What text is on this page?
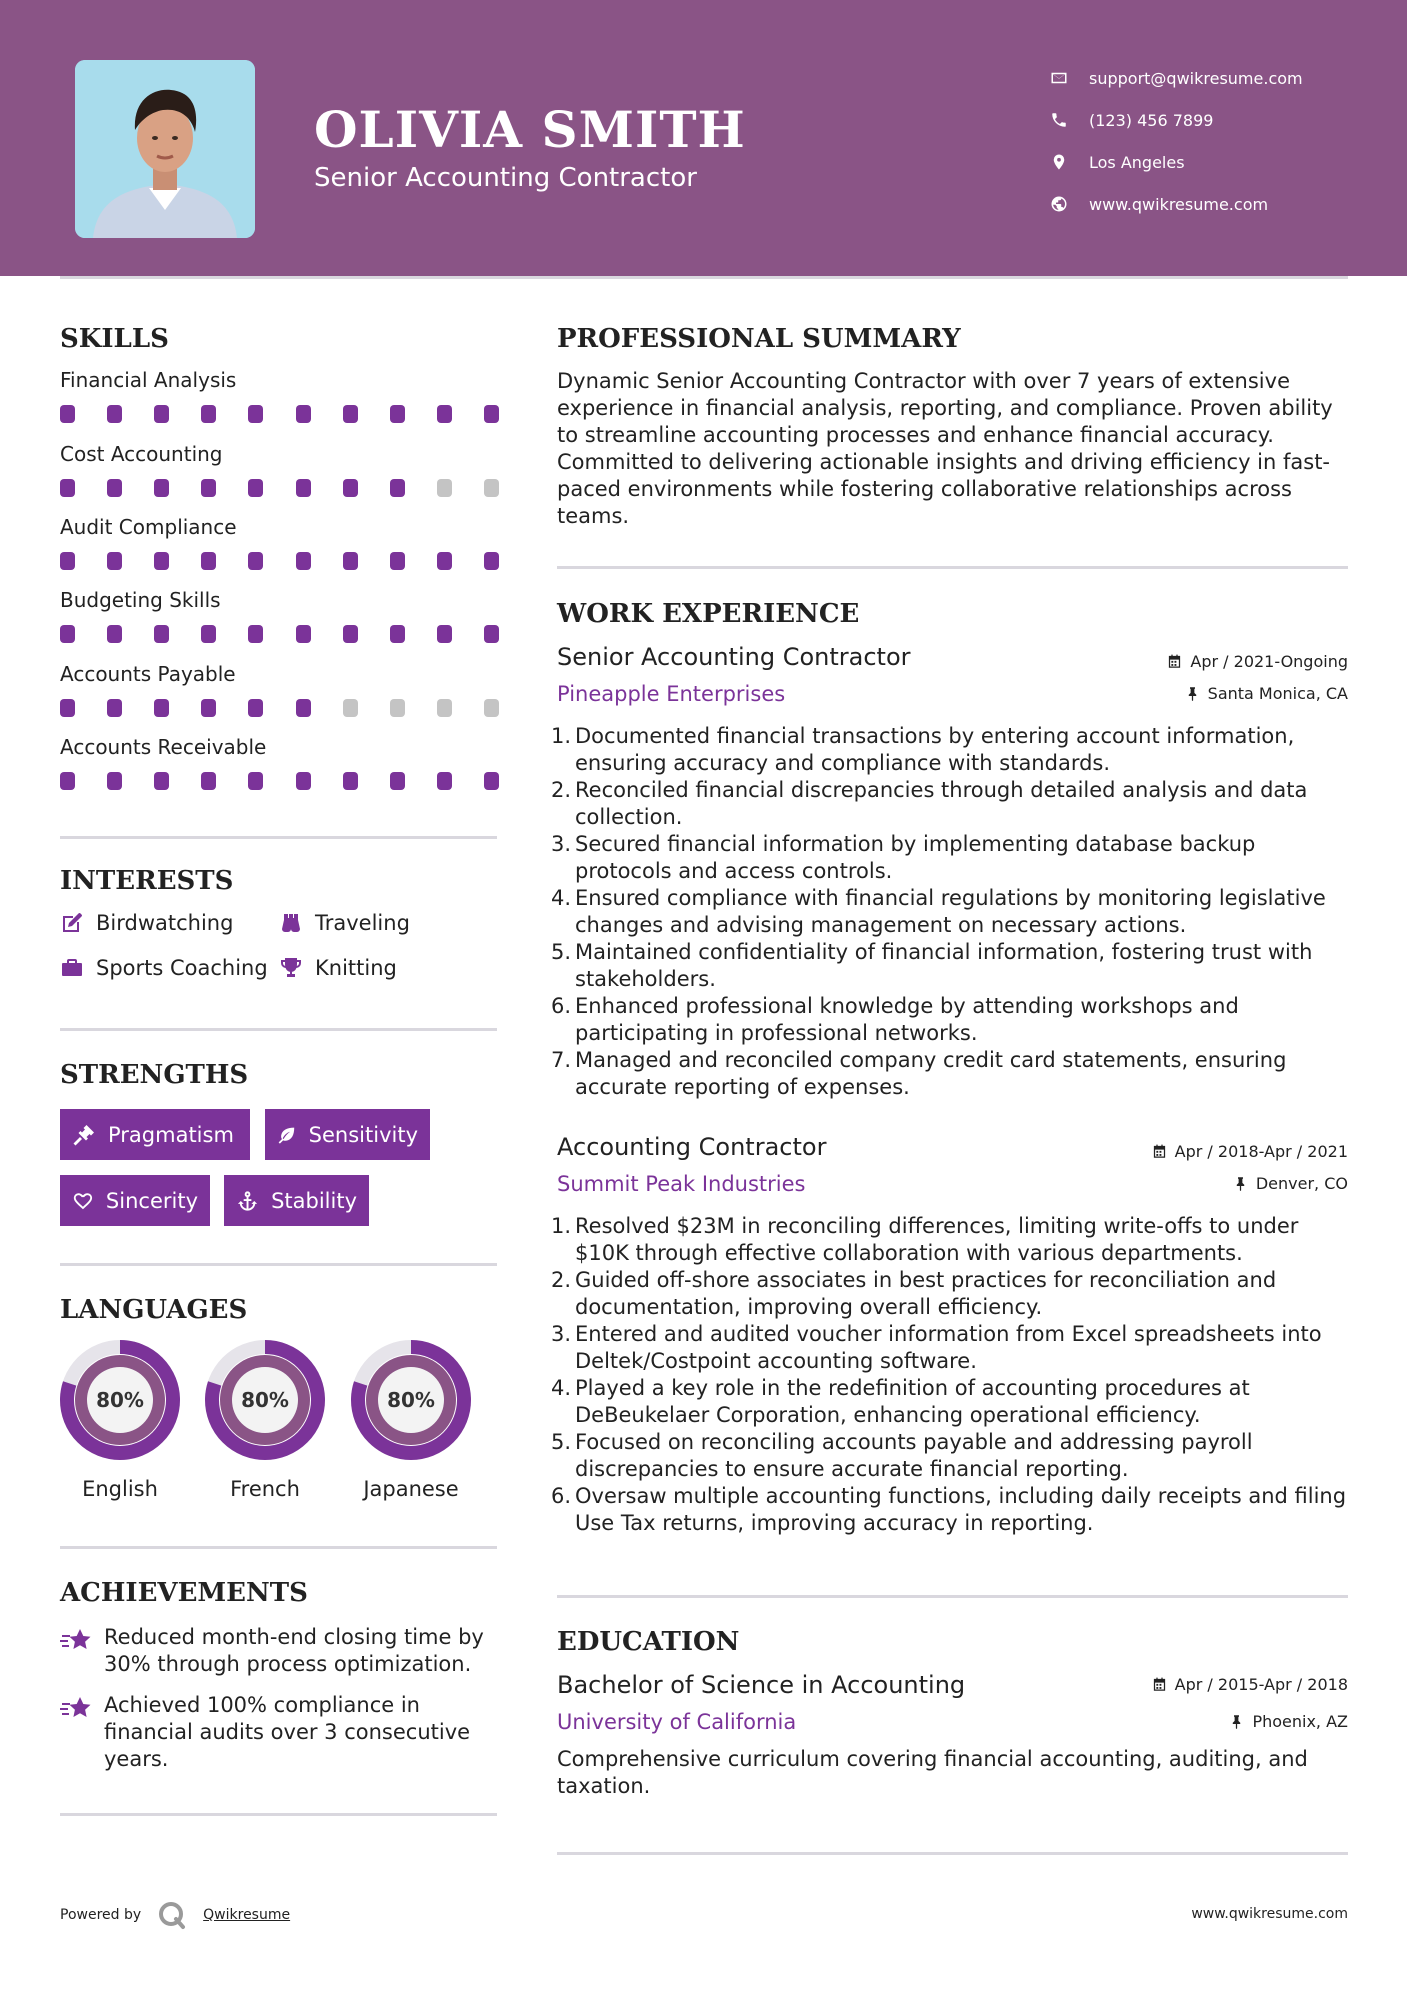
OLIVIA SMITH
Senior Accounting Contractor
support@qwikresume.com
(123) 456 7899
Los Angeles
www.qwikresume.com
SKILLS
Financial Analysis
Cost Accounting
Audit Compliance
Budgeting Skills
Accounts Payable
Accounts Receivable
INTERESTS
Birdwatching	Traveling
Sports Coaching Knitting
STRENGTHS
Pragmatism	Sensitivity
Sincerity	Stability
LANGUAGES
80%
English
80%
French
80%
Japanese
ACHIEVEMENTS
Reduced month-end closing time by 30% through process optimization.
Achieved 100% compliance in financial audits over 3 consecutive years.
PROFESSIONAL SUMMARY
Dynamic Senior Accounting Contractor with over 7 years of extensive experience in financial analysis, reporting, and compliance. Proven ability to streamline accounting processes and enhance financial accuracy. Committed to delivering actionable insights and driving efficiency in fast-paced environments while fostering collaborative relationships across teams.
WORK EXPERIENCE
Senior Accounting Contractor	Apr / 2021-Ongoing
Pineapple Enterprises	Santa Monica, CA
1. Documented financial transactions by entering account information, ensuring accuracy and compliance with standards.
2. Reconciled financial discrepancies through detailed analysis and data collection.
3. Secured financial information by implementing database backup protocols and access controls.
4. Ensured compliance with financial regulations by monitoring legislative changes and advising management on necessary actions.
5. Maintained confidentiality of financial information, fostering trust with stakeholders.
6. Enhanced professional knowledge by attending workshops and participating in professional networks.
7. Managed and reconciled company credit card statements, ensuring accurate reporting of expenses.
Accounting Contractor	Apr / 2018-Apr / 2021
Summit Peak Industries	Denver, CO
1. Resolved $23M in reconciling differences, limiting write-offs to under $10K through effective collaboration with various departments.
2. Guided off-shore associates in best practices for reconciliation and documentation, improving overall efficiency.
3. Entered and audited voucher information from Excel spreadsheets into Deltek/Costpoint accounting software.
4. Played a key role in the redefinition of accounting procedures at DeBeukelaer Corporation, enhancing operational efficiency.
5. Focused on reconciling accounts payable and addressing payroll discrepancies to ensure accurate financial reporting.
6. Oversaw multiple accounting functions, including daily receipts and filing Use Tax returns, improving accuracy in reporting.
EDUCATION
Bachelor of Science in Accounting	Apr / 2015-Apr / 2018
University of California	Phoenix, AZ
Comprehensive curriculum covering financial accounting, auditing, and taxation.
Powered by	Qwikresume	www.qwikresume.com
